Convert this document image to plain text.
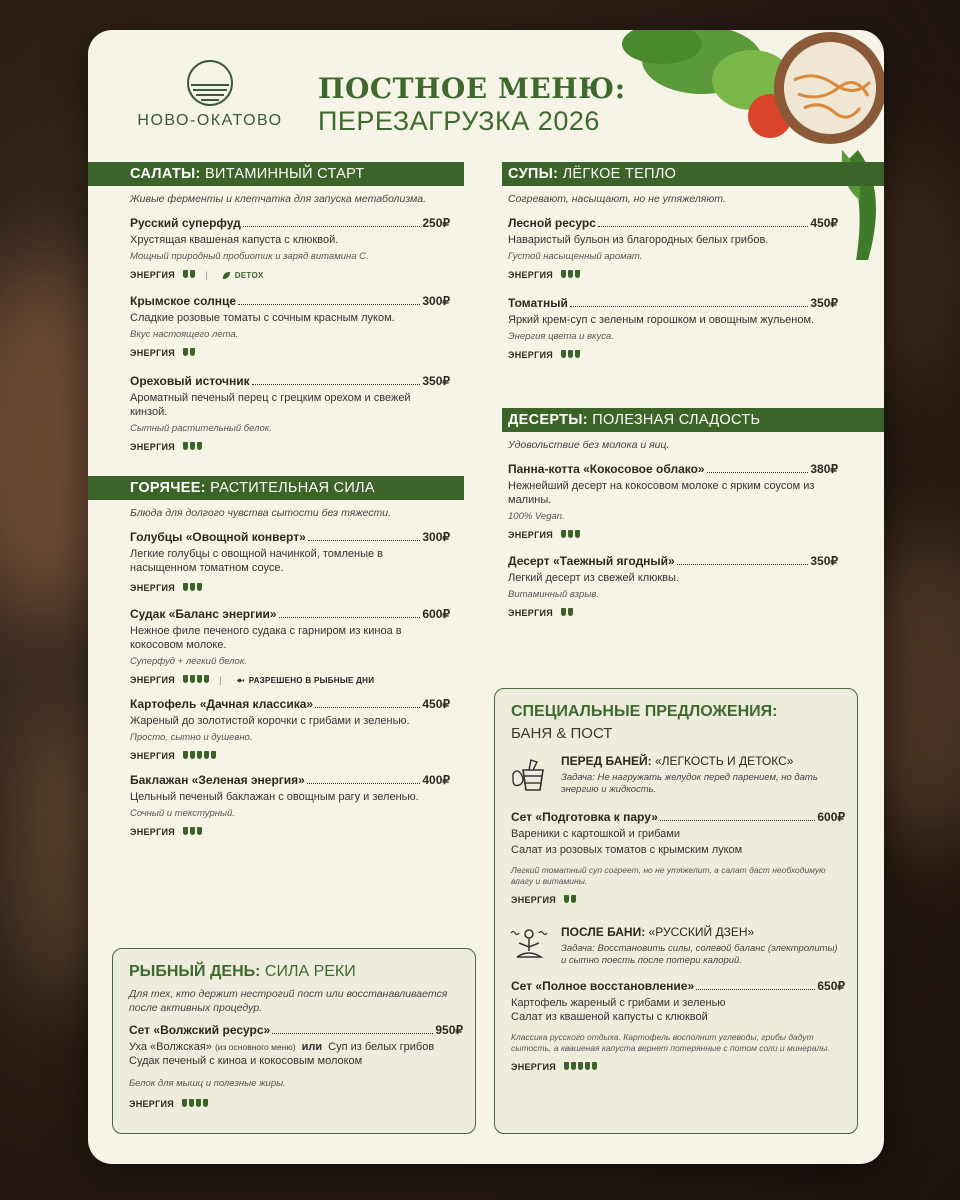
НОВО-ОКАТОВО
ПОСТНОЕ МЕНЮ:
ПЕРЕЗАГРУЗКА 2026
САЛАТЫ: ВИТАМИННЫЙ СТАРТ
Живые ферменты и клетчатка для запуска метаболизма.
Русский суперфуд	250₽
Хрустящая квашеная капуста с клюквой.
Мощный природный пробиотик и заряд витамина С.
ЭНЕРГИЯ	|	DETOX
Крымское солнце	300₽
Сладкие розовые томаты с сочным красным луком.
Вкус настоящего лета.
ЭНЕРГИЯ
Ореховый источник	350₽
Ароматный печеный перец с грецким орехом и свежей кинзой.
Сытный растительный белок.
ЭНЕРГИЯ
ГОРЯЧЕЕ: РАСТИТЕЛЬНАЯ СИЛА
Блюда для долгого чувства сытости без тяжести.
Голубцы «Овощной конверт»	300₽
Легкие голубцы с овощной начинкой, томленые в насыщенном томатном соусе.
ЭНЕРГИЯ
Судак «Баланс энергии»	600₽
Нежное филе печеного судака с гарниром из киноа в кокосовом молоке.
Суперфуд + легкий белок.
ЭНЕРГИЯ	|	РАЗРЕШЕНО В РЫБНЫЕ ДНИ
Картофель «Дачная классика»	450₽
Жареный до золотистой корочки с грибами и зеленью.
Просто, сытно и душевно.
ЭНЕРГИЯ
Баклажан «Зеленая энергия»	400₽
Цельный печеный баклажан с овощным рагу и зеленью.
Сочный и текстурный.
ЭНЕРГИЯ
РЫБНЫЙ ДЕНЬ: СИЛА РЕКИ
Для тех, кто держит нестрогий пост или восстанавливается после активных процедур.
Сет «Волжский ресурс»	950₽
Уха «Волжская» (из основного меню) или Суп из белых грибов
Судак печеный с киноа и кокосовым молоком
Белок для мышц и полезные жиры.
ЭНЕРГИЯ
СУПЫ: ЛЁГКОЕ ТЕПЛО
Согревают, насыщают, но не утяжеляют.
Лесной ресурс	450₽
Наваристый бульон из благородных белых грибов.
Густой насыщенный аромат.
ЭНЕРГИЯ
Томатный	350₽
Яркий крем-суп с зеленым горошком и овощным жульеном.
Энергия цвета и вкуса.
ЭНЕРГИЯ
ДЕСЕРТЫ: ПОЛЕЗНАЯ СЛАДОСТЬ
Удовольствие без молока и яиц.
Панна-котта «Кокосовое облако»	380₽
Нежнейший десерт на кокосовом молоке с ярким соусом из малины.
100% Vegan.
ЭНЕРГИЯ
Десерт «Таежный ягодный»	350₽
Легкий десерт из свежей клюквы.
Витаминный взрыв.
ЭНЕРГИЯ
СПЕЦИАЛЬНЫЕ ПРЕДЛОЖЕНИЯ:
БАНЯ & ПОСТ
ПЕРЕД БАНЕЙ: «ЛЕГКОСТЬ И ДЕТОКС»
Задача: Не нагружать желудок перед парением, но дать энергию и жидкость.
Сет «Подготовка к пару»	600₽
Вареники с картошкой и грибами
Салат из розовых томатов с крымским луком
Легкий томатный суп согреет, но не утяжелит, а салат даст необходимую влагу и витамины.
ЭНЕРГИЯ
ПОСЛЕ БАНИ: «РУССКИЙ ДЗЕН»
Задача: Восстановить силы, солевой баланс (электролиты) и сытно поесть после потери калорий.
Сет «Полное восстановление»	650₽
Картофель жареный с грибами и зеленью
Салат из квашеной капусты с клюквой
Классика русского отдыха. Картофель восполнит углеводы, грибы дадут сытость, а квашеная капуста вернет потерянные с потом соли и минералы.
ЭНЕРГИЯ
